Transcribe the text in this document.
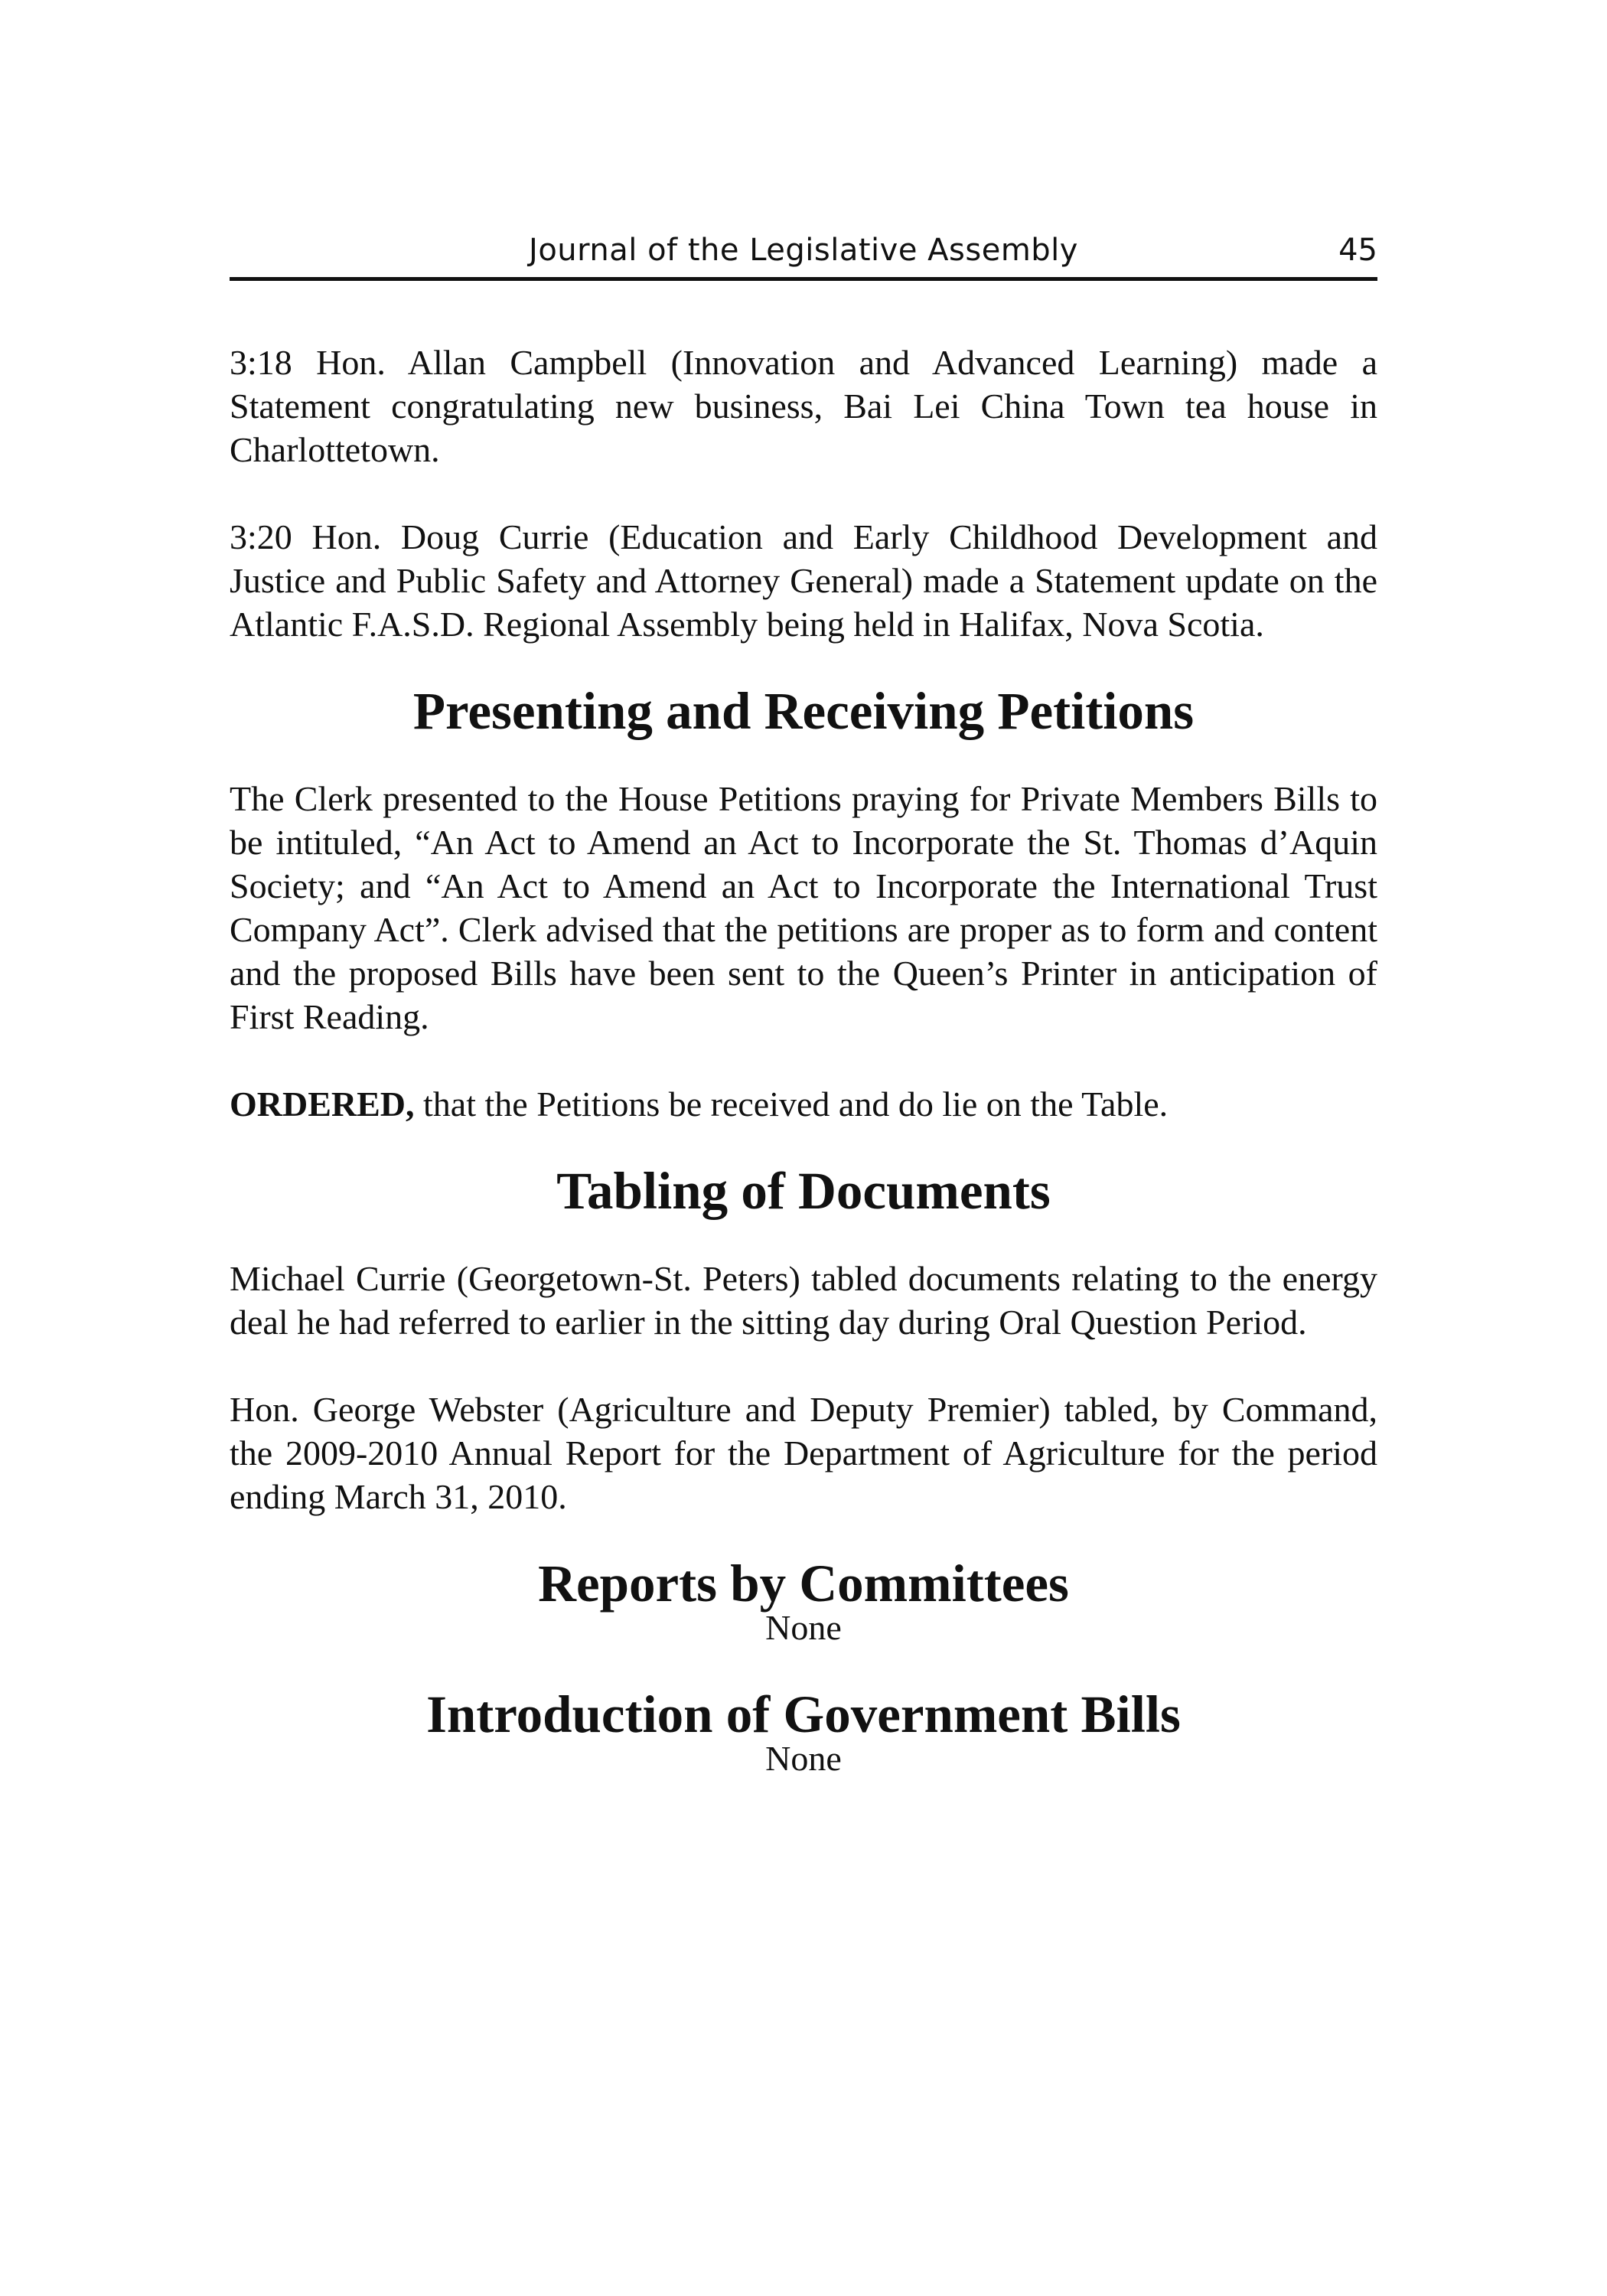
Journal of the Legislative Assembly	45

3:18 Hon. Allan Campbell (Innovation and Advanced Learning) made a Statement congratulating new business, Bai Lei China Town tea house in Charlottetown.

3:20 Hon. Doug Currie (Education and Early Childhood Development and Justice and Public Safety and Attorney General) made a Statement update on the Atlantic F.A.S.D. Regional Assembly being held in Halifax, Nova Scotia.

Presenting and Receiving Petitions

The Clerk presented to the House Petitions praying for Private Members Bills to be intituled, “An Act to Amend an Act to Incorporate the St. Thomas d’Aquin Society; and “An Act to Amend an Act to Incorporate the International Trust Company Act”. Clerk advised that the petitions are proper as to form and content and the proposed Bills have been sent to the Queen’s Printer in anticipation of First Reading.

ORDERED, that the Petitions be received and do lie on the Table.

Tabling of Documents

Michael Currie (Georgetown-St. Peters) tabled documents relating to the energy deal he had referred to earlier in the sitting day during Oral Question Period.

Hon. George Webster (Agriculture and Deputy Premier) tabled, by Command, the 2009-2010 Annual Report for the Department of Agriculture for the period ending March 31, 2010.

Reports by Committees

None

Introduction of Government Bills

None
